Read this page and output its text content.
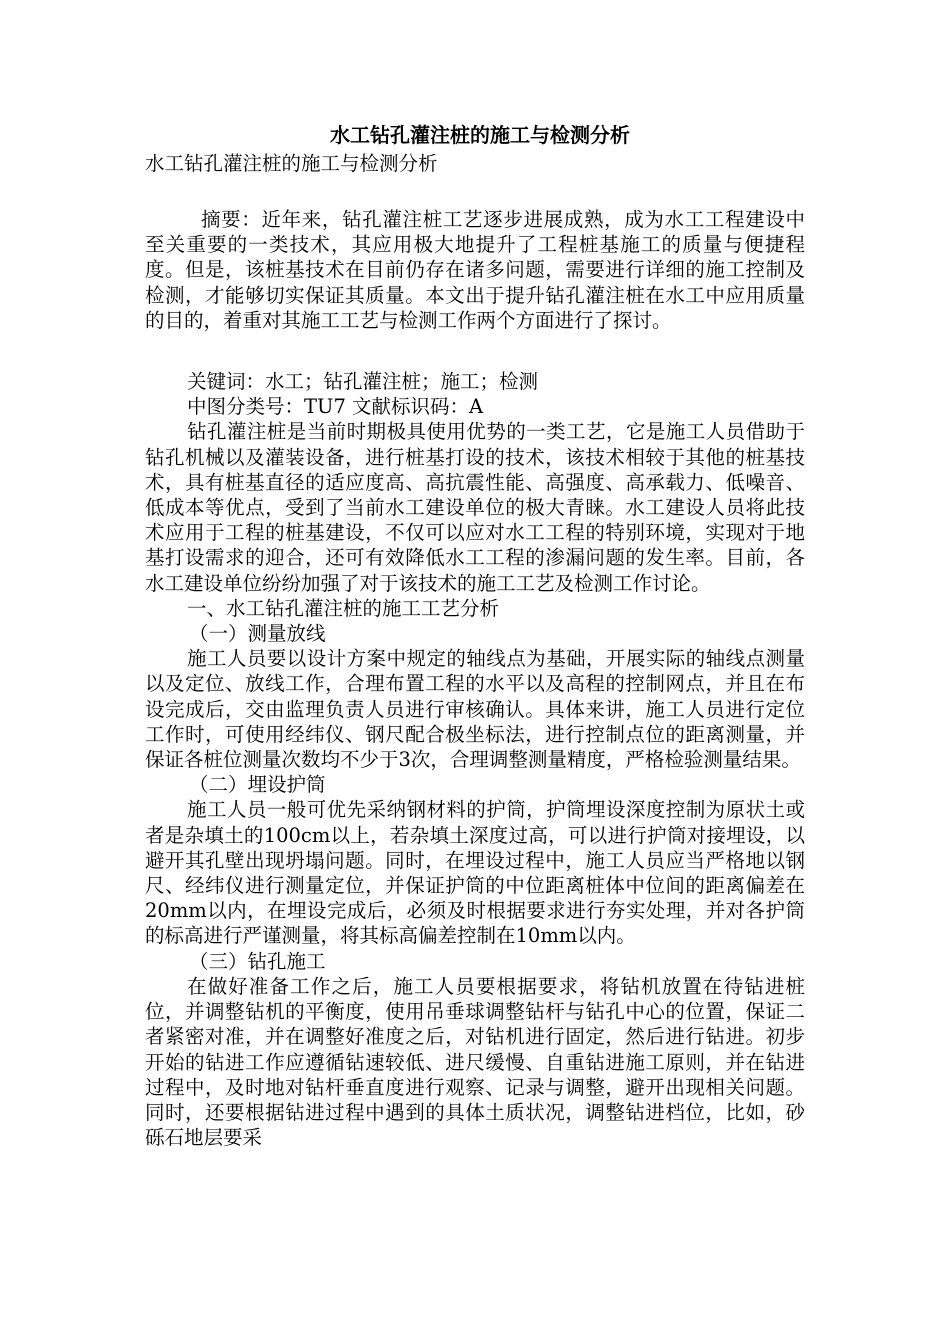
水工钻孔灌注桩的施工与检测分析

水工钻孔灌注桩的施工与检测分析

摘要：近年来，钻孔灌注桩工艺逐步进展成熟，成为水工工程建设中至关重要的一类技术，其应用极大地提升了工程桩基施工的质量与便捷程度。但是，该桩基技术在目前仍存在诸多问题，需要进行详细的施工控制及检测，才能够切实保证其质量。本文出于提升钻孔灌注桩在水工中应用质量的目的，着重对其施工工艺与检测工作两个方面进行了探讨。

关键词：水工；钻孔灌注桩；施工；检测

中图分类号：TU7 文献标识码：A

钻孔灌注桩是当前时期极具使用优势的一类工艺，它是施工人员借助于钻孔机械以及灌装设备，进行桩基打设的技术，该技术相较于其他的桩基技术，具有桩基直径的适应度高、高抗震性能、高强度、高承载力、低噪音、低成本等优点，受到了当前水工建设单位的极大青睐。水工建设人员将此技术应用于工程的桩基建设，不仅可以应对水工工程的特别环境，实现对于地基打设需求的迎合，还可有效降低水工工程的渗漏问题的发生率。目前，各水工建设单位纷纷加强了对于该技术的施工工艺及检测工作讨论。

一、水工钻孔灌注桩的施工工艺分析

（一）测量放线

施工人员要以设计方案中规定的轴线点为基础，开展实际的轴线点测量以及定位、放线工作，合理布置工程的水平以及高程的控制网点，并且在布设完成后，交由监理负责人员进行审核确认。具体来讲，施工人员进行定位工作时，可使用经纬仪、钢尺配合极坐标法，进行控制点位的距离测量，并保证各桩位测量次数均不少于3次，合理调整测量精度，严格检验测量结果。

（二）埋设护筒

施工人员一般可优先采纳钢材料的护筒，护筒埋设深度控制为原状土或者是杂填土的100cm以上，若杂填土深度过高，可以进行护筒对接埋设，以避开其孔壁出现坍塌问题。同时，在埋设过程中，施工人员应当严格地以钢尺、经纬仪进行测量定位，并保证护筒的中位距离桩体中位间的距离偏差在20mm以内，在埋设完成后，必须及时根据要求进行夯实处理，并对各护筒的标高进行严谨测量，将其标高偏差控制在10mm以内。

（三）钻孔施工

在做好准备工作之后，施工人员要根据要求，将钻机放置在待钻进桩位，并调整钻机的平衡度，使用吊垂球调整钻杆与钻孔中心的位置，保证二者紧密对准，并在调整好准度之后，对钻机进行固定，然后进行钻进。初步开始的钻进工作应遵循钻速较低、进尺缓慢、自重钻进施工原则，并在钻进过程中，及时地对钻杆垂直度进行观察、记录与调整，避开出现相关问题。同时，还要根据钻进过程中遇到的具体土质状况，调整钻进档位，比如，砂砾石地层要采
